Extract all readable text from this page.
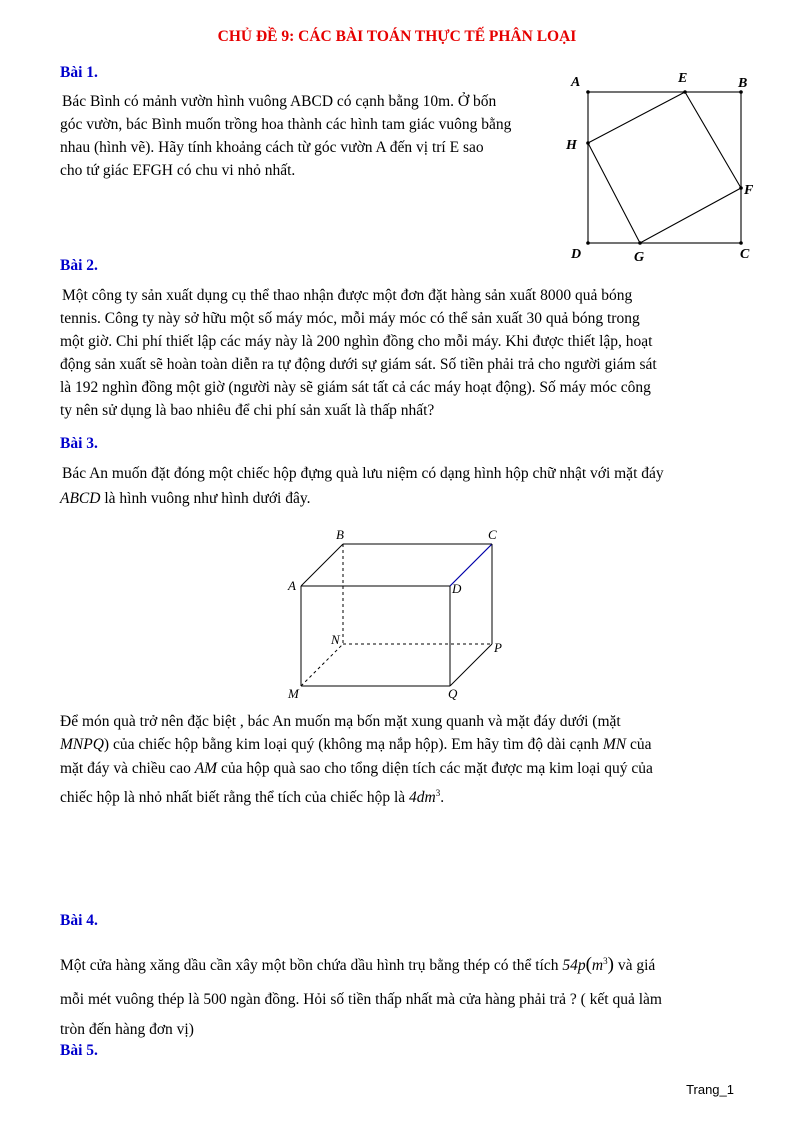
CHỦ ĐỀ 9: CÁC BÀI TOÁN THỰC TẾ PHÂN LOẠI
Bài 1.

Bác Bình có mảnh vườn hình vuông ABCD có cạnh bằng 10m. Ở bốn

góc vườn, bác Bình muốn trồng hoa thành các hình tam giác vuông bằng

nhau (hình vẽ). Hãy tính khoảng cách từ góc vườn A đến vị trí E sao

cho tứ giác EFGH có chu vi nhỏ nhất.

A	E	B
H
F
D	G	C
Bài 2.

Một công ty sản xuất dụng cụ thể thao nhận được một đơn đặt hàng sản xuất 8000 quả bóng

tennis. Công ty này sở hữu một số máy móc, mỗi máy móc có thể sản xuất 30 quả bóng trong

một giờ. Chi phí thiết lập các máy này là 200 nghìn đồng cho mỗi máy. Khi được thiết lập, hoạt

động sản xuất sẽ hoàn toàn diễn ra tự động dưới sự giám sát. Số tiền phải trả cho người giám sát

là 192 nghìn đồng một giờ (người này sẽ giám sát tất cả các máy hoạt động). Số máy móc công

ty nên sử dụng là bao nhiêu để chi phí sản xuất là thấp nhất?

Bài 3.

Bác An muốn đặt đóng một chiếc hộp đựng quà lưu niệm có dạng hình hộp chữ nhật với mặt đáy

ABCD là hình vuông như hình dưới đây.

B	C
A	D
N
P
M	Q

Để món quà trở nên đặc biệt , bác An muốn mạ bốn mặt xung quanh và mặt đáy dưới (mặt

MNPQ) của chiếc hộp bằng kim loại quý (không mạ nắp hộp). Em hãy tìm độ dài cạnh MN của

mặt đáy và chiều cao AM của hộp quà sao cho tổng diện tích các mặt được mạ kim loại quý của

chiếc hộp là nhỏ nhất biết rằng thể tích của chiếc hộp là $4dm^3$.

Bài 4.

Một cửa hàng xăng dầu cần xây một bồn chứa dầu hình trụ bằng thép có thể tích $54p(m^3)$ và giá

mỗi mét vuông thép là 500 ngàn đồng. Hỏi số tiền thấp nhất mà cửa hàng phải trả ? ( kết quả làm

tròn đến hàng đơn vị)

Bài 5.
Trang_1
